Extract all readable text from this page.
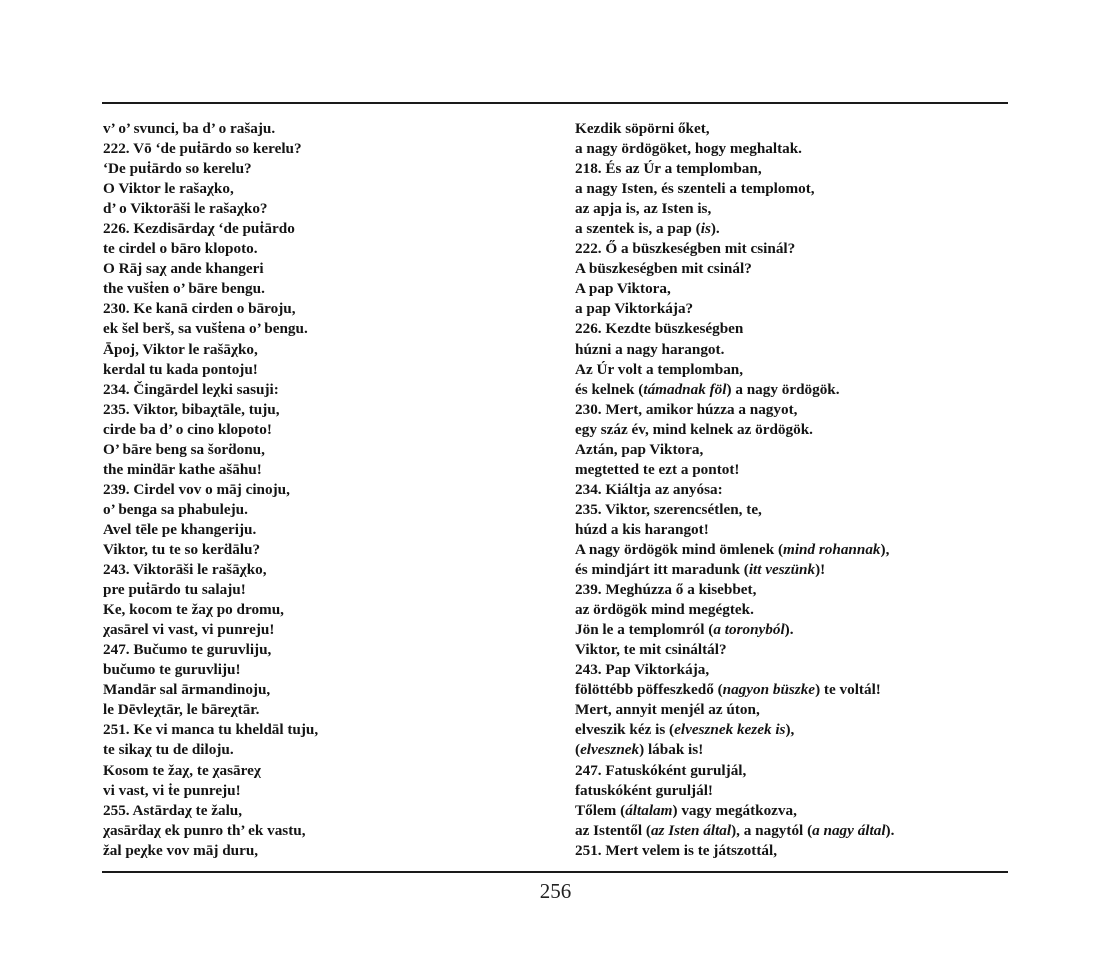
v’ o’ svunci, ba d’ o rašaju.
222. Vō ‘de puṫārdo so kerelu?
‘De puṫārdo so kerelu?
O Viktor le rašaχko,
d’ o Viktorāši le rašaχko?
226. Kezdisārdaχ ‘de puṫārdo
te cirdel o bāro klopoto.
O Rāj saχ ande khangeri
the vušṫen o’ bāre bengu.
230. Ke kanā cirden o bāroju,
ek šel berš, sa vušṫena o’ bengu.
Āpoj, Viktor le rašāχko,
kerdal tu kada pontoju!
234. Čingārdel leχki sasuji:
235. Viktor, bibaχtāle, tuju,
cirde ba d’ o cino klopoto!
O’ bāre beng sa šorḋonu,
the minḋār kathe ašāhu!
239. Cirdel vov o māj cinoju,
o’ benga sa phabuleju.
Avel tēle pe khangeriju.
Viktor, tu te so kerḋālu?
243. Viktorāši le rašāχko,
pre puṫārdo tu salaju!
Ke, kocom te žaχ po dromu,
χasārel vi vast, vi punreju!
247. Bučumo te guruvliju,
bučumo te guruvliju!
Mandār sal ārmandinoju,
le Dēvleχtār, le bāreχtār.
251. Ke vi manca tu kheldāl tuju,
te sikaχ tu de diloju.
Kosom te žaχ, te χasāreχ
vi vast, vi ṫe punreju!
255. Astārdaχ te žalu,
χasārḋaχ ek punro th’ ek vastu,
žal peχke vov māj duru,
Kezdik söpörni őket,
a nagy ördögöket, hogy meghaltak.
218. És az Úr a templomban,
a nagy Isten, és szenteli a templomot,
az apja is, az Isten is,
a szentek is, a pap (is).
222. Ő a büszkeségben mit csinál?
A büszkeségben mit csinál?
A pap Viktora,
a pap Viktorkája?
226. Kezdte büszkeségben
húzni a nagy harangot.
Az Úr volt a templomban,
és kelnek (támadnak föl) a nagy ördögök.
230. Mert, amikor húzza a nagyot,
egy száz év, mind kelnek az ördögök.
Aztán, pap Viktora,
megtetted te ezt a pontot!
234. Kiáltja az anyósa:
235. Viktor, szerencsétlen, te,
húzd a kis harangot!
A nagy ördögök mind ömlenek (mind rohannak),
és mindjárt itt maradunk (itt veszünk)!
239. Meghúzza ő a kisebbet,
az ördögök mind megégtek.
Jön le a templomról (a toronyból).
Viktor, te mit csináltál?
243. Pap Viktorkája,
fölöttébb pöffeszkedő (nagyon büszke) te voltál!
Mert, annyit menjél az úton,
elveszik kéz is (elvesznek kezek is),
(elvesznek) lábak is!
247. Fatuskóként guruljál,
fatuskóként guruljál!
Tőlem (általam) vagy megátkozva,
az Istentől (az Isten által), a nagytól (a nagy által).
251. Mert velem is te játszottál,
256
